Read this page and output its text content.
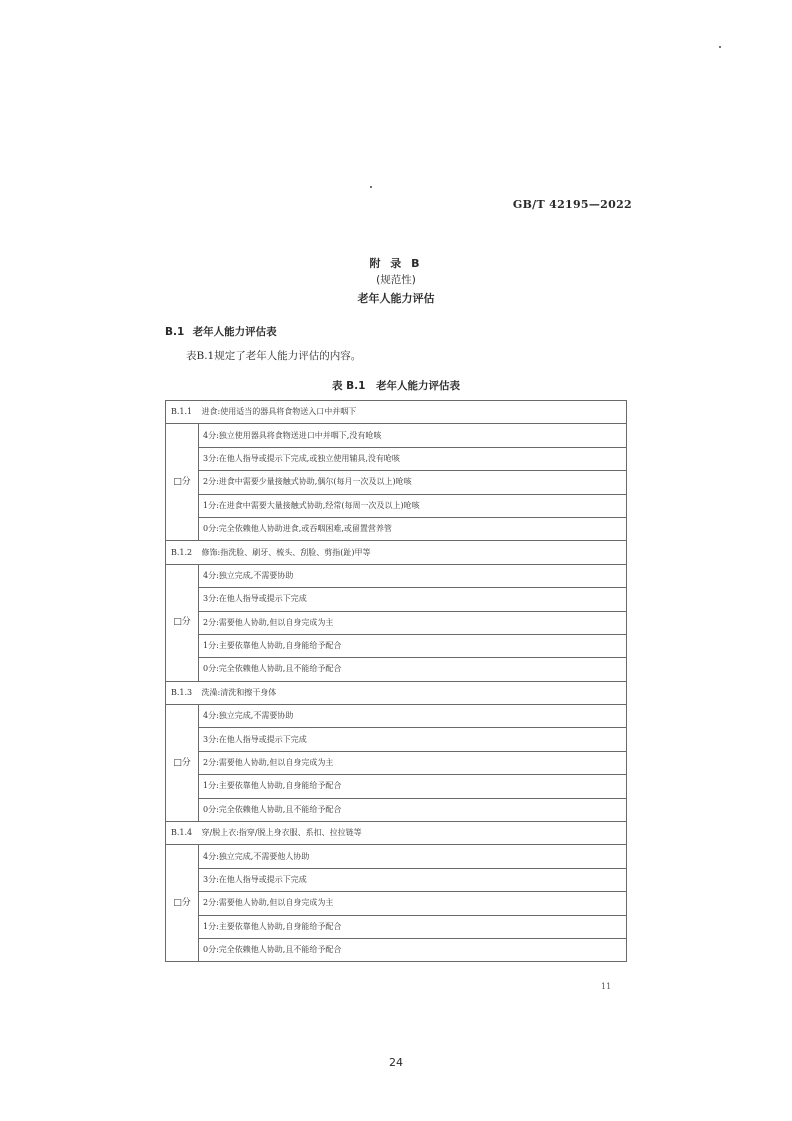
GB/T 42195—2022
附 录 B
(规范性)
老年人能力评估
B.1 老年人能力评估表
表B.1规定了老年人能力评估的内容。
表 B.1　老年人能力评估表
B.1.1 进食:使用适当的器具将食物送入口中并咽下	
□分	4分:独立使用器具将食物送进口中并咽下,没有呛咳
	3分:在他人指导或提示下完成,或独立使用辅具,没有呛咳
	2分:进食中需要少量接触式协助,偶尔(每月一次及以上)呛咳
	1分:在进食中需要大量接触式协助,经常(每周一次及以上)呛咳
	0分:完全依赖他人协助进食,或吞咽困难,或留置营养管
B.1.2 修饰:指洗脸、刷牙、梳头、刮脸、剪指(趾)甲等	
□分	4分:独立完成,不需要协助
	3分:在他人指导或提示下完成
	2分:需要他人协助,但以自身完成为主
	1分:主要依靠他人协助,自身能给予配合
	0分:完全依赖他人协助,且不能给予配合
B.1.3 洗澡:清洗和擦干身体	
□分	4分:独立完成,不需要协助
	3分:在他人指导或提示下完成
	2分:需要他人协助,但以自身完成为主
	1分:主要依靠他人协助,自身能给予配合
	0分:完全依赖他人协助,且不能给予配合
B.1.4 穿/脱上衣:指穿/脱上身衣服、系扣、拉拉链等	
□分	4分:独立完成,不需要他人协助
	3分:在他人指导或提示下完成
	2分:需要他人协助,但以自身完成为主
	1分:主要依靠他人协助,自身能给予配合
	0分:完全依赖他人协助,且不能给予配合
11
24
